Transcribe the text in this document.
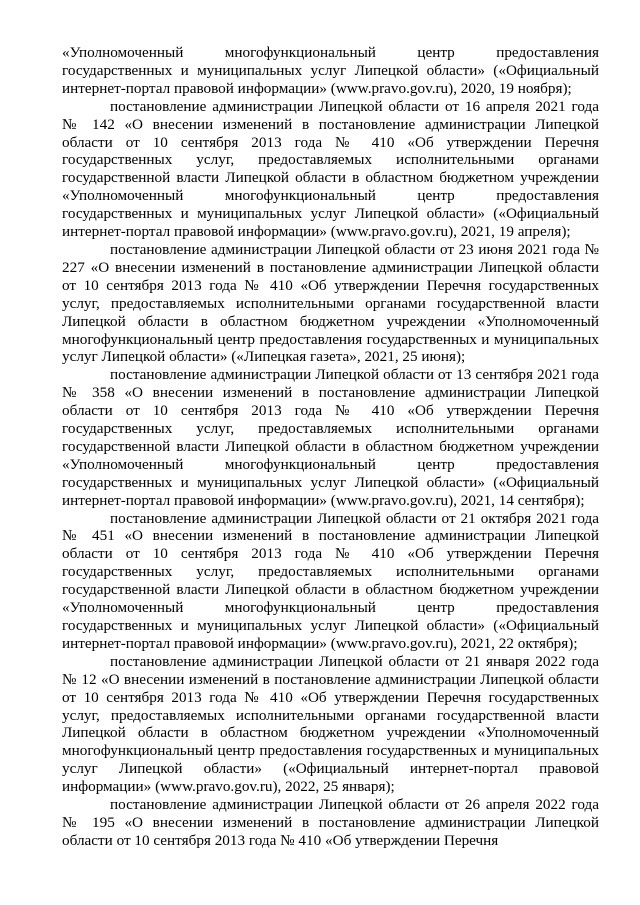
«Уполномоченный многофункциональный центр предоставления государственных и муниципальных услуг Липецкой области» («Официальный интернет-портал правовой информации» (www.pravo.gov.ru), 2020, 19 ноября);

постановление администрации Липецкой области от 16 апреля 2021 года № 142 «О внесении изменений в постановление администрации Липецкой области от 10 сентября 2013 года № 410 «Об утверждении Перечня государственных услуг, предоставляемых исполнительными органами государственной власти Липецкой области в областном бюджетном учреждении «Уполномоченный многофункциональный центр предоставления государственных и муниципальных услуг Липецкой области» («Официальный интернет-портал правовой информации» (www.pravo.gov.ru), 2021, 19 апреля);

постановление администрации Липецкой области от 23 июня 2021 года № 227 «О внесении изменений в постановление администрации Липецкой области от 10 сентября 2013 года № 410 «Об утверждении Перечня государственных услуг, предоставляемых исполнительными органами государственной власти Липецкой области в областном бюджетном учреждении «Уполномоченный многофункциональный центр предоставления государственных и муниципальных услуг Липецкой области» («Липецкая газета», 2021, 25 июня);

постановление администрации Липецкой области от 13 сентября 2021 года № 358 «О внесении изменений в постановление администрации Липецкой области от 10 сентября 2013 года № 410 «Об утверждении Перечня государственных услуг, предоставляемых исполнительными органами государственной власти Липецкой области в областном бюджетном учреждении «Уполномоченный многофункциональный центр предоставления государственных и муниципальных услуг Липецкой области» («Официальный интернет-портал правовой информации» (www.pravo.gov.ru), 2021, 14 сентября);

постановление администрации Липецкой области от 21 октября 2021 года № 451 «О внесении изменений в постановление администрации Липецкой области от 10 сентября 2013 года № 410 «Об утверждении Перечня государственных услуг, предоставляемых исполнительными органами государственной власти Липецкой области в областном бюджетном учреждении «Уполномоченный многофункциональный центр предоставления государственных и муниципальных услуг Липецкой области» («Официальный интернет-портал правовой информации» (www.pravo.gov.ru), 2021, 22 октября);

постановление администрации Липецкой области от 21 января 2022 года № 12 «О внесении изменений в постановление администрации Липецкой области от 10 сентября 2013 года № 410 «Об утверждении Перечня государственных услуг, предоставляемых исполнительными органами государственной власти Липецкой области в областном бюджетном учреждении «Уполномоченный многофункциональный центр предоставления государственных и муниципальных услуг Липецкой области» («Официальный интернет-портал правовой информации» (www.pravo.gov.ru), 2022, 25 января);

постановление администрации Липецкой области от 26 апреля 2022 года № 195 «О внесении изменений в постановление администрации Липецкой области от 10 сентября 2013 года № 410 «Об утверждении Перечня
